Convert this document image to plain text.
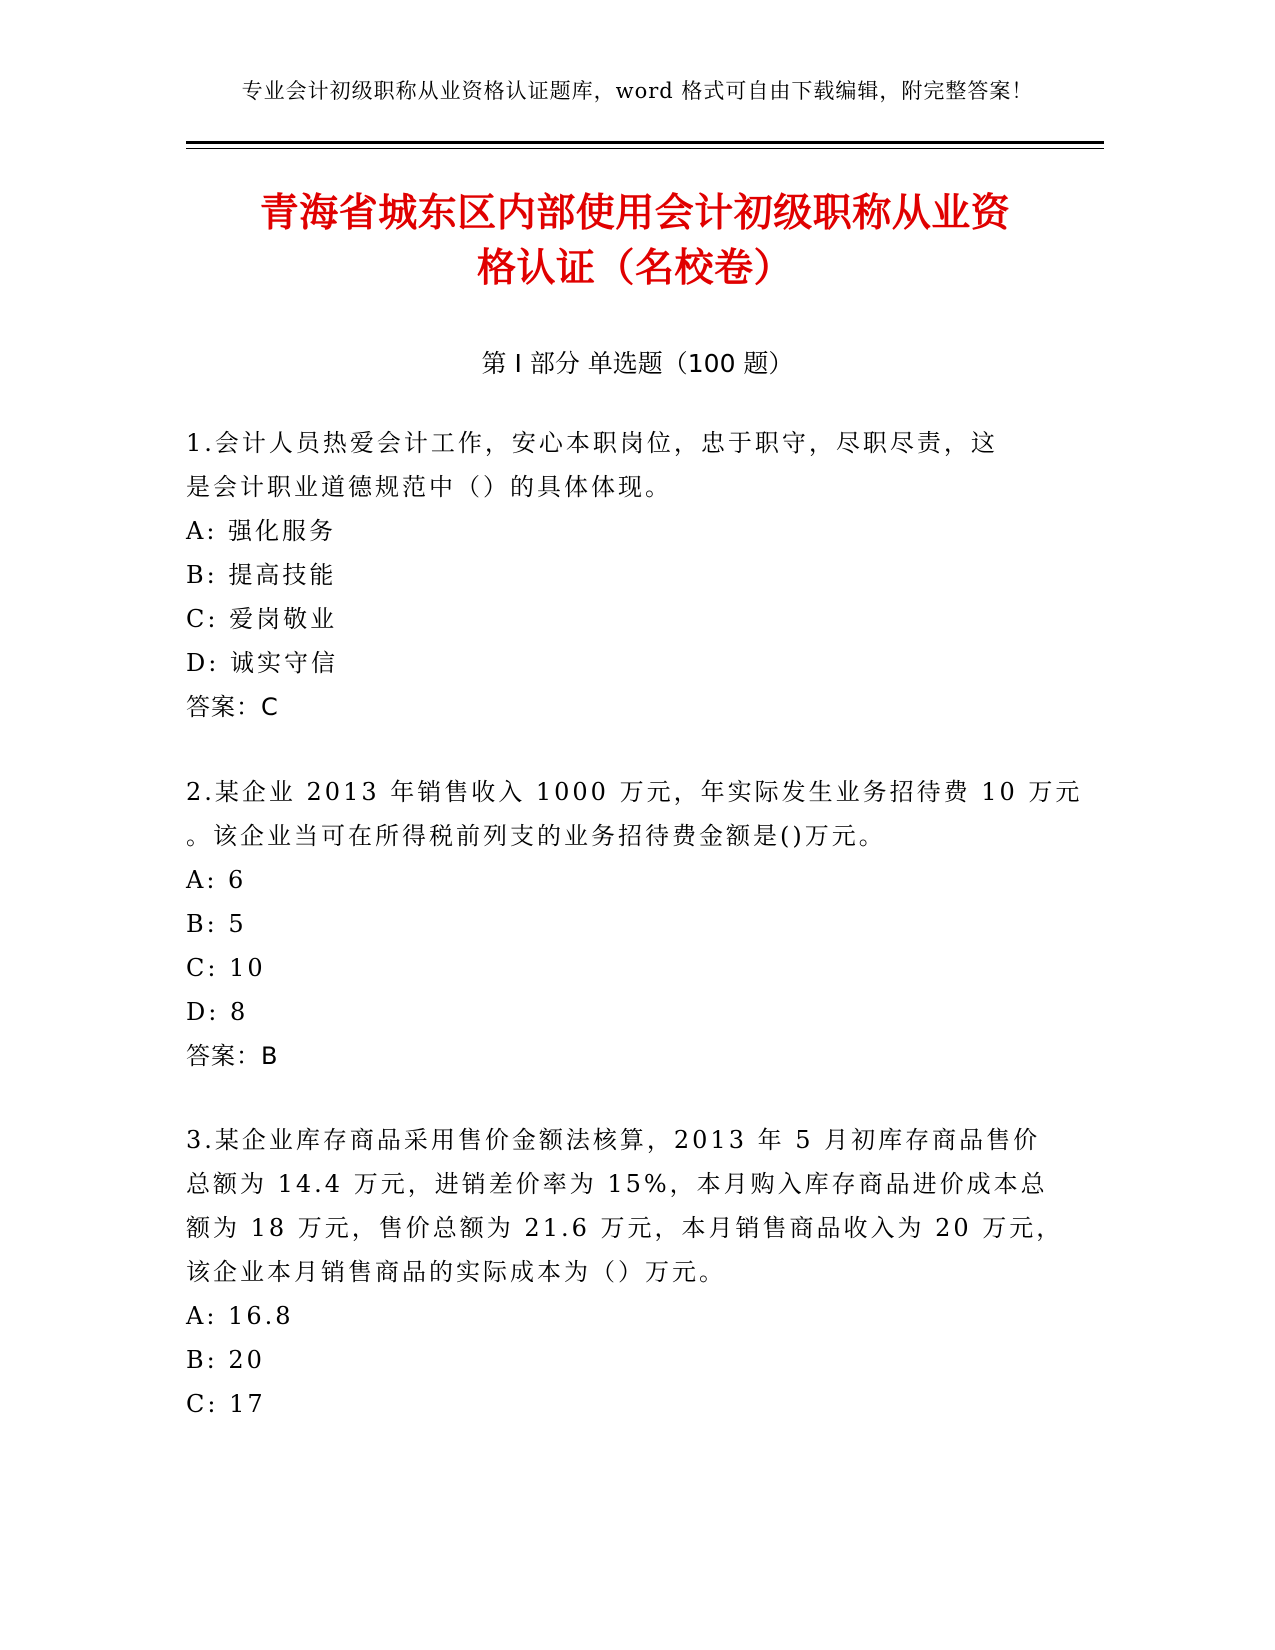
专业会计初级职称从业资格认证题库，word 格式可自由下载编辑，附完整答案！
青海省城东区内部使用会计初级职称从业资
格认证（名校卷）
第 I 部分 单选题（100 题）
1.会计人员热爱会计工作，安心本职岗位，忠于职守，尽职尽责，这
是会计职业道德规范中（）的具体体现。
A: 强化服务
B: 提高技能
C: 爱岗敬业
D: 诚实守信
答案：C
2.某企业 2013 年销售收入 1000 万元，年实际发生业务招待费 10 万元
。该企业当可在所得税前列支的业务招待费金额是()万元。
A: 6
B: 5
C: 10
D: 8
答案：B
3.某企业库存商品采用售价金额法核算，2013 年 5 月初库存商品售价
总额为 14.4 万元，进销差价率为 15%，本月购入库存商品进价成本总
额为 18 万元，售价总额为 21.6 万元，本月销售商品收入为 20 万元，
该企业本月销售商品的实际成本为（）万元。
A: 16.8
B: 20
C: 17
